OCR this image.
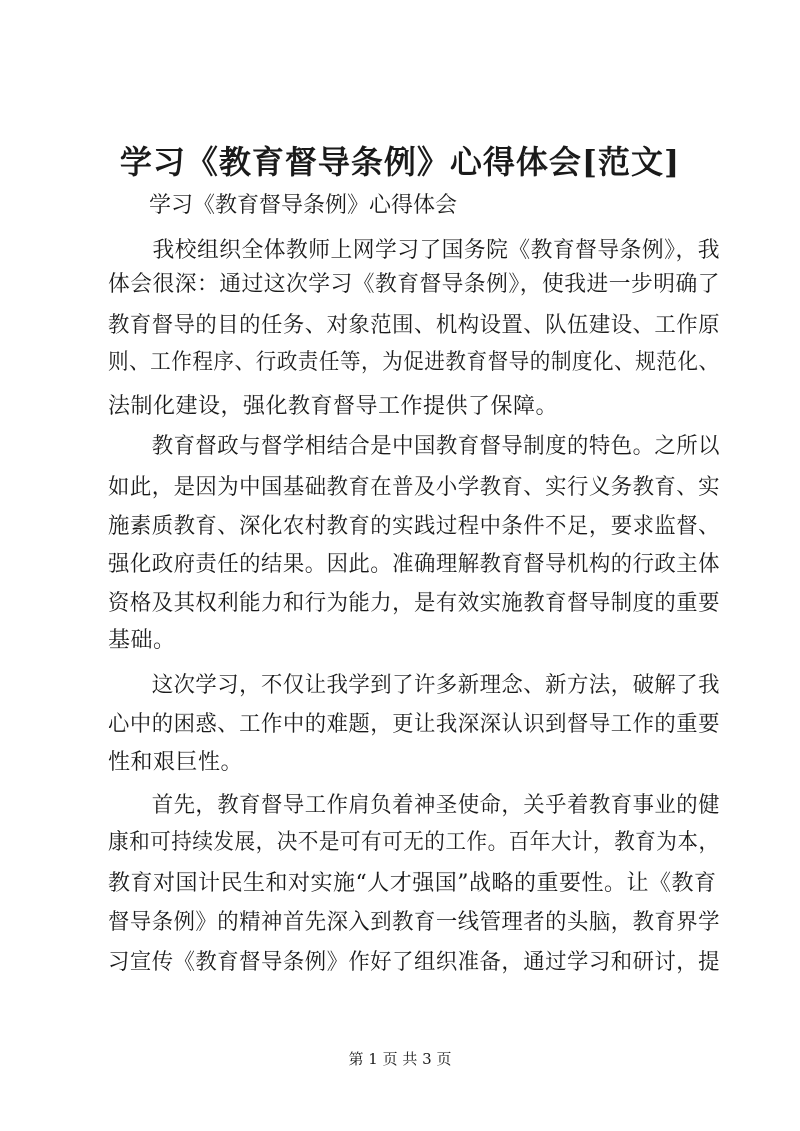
学习《教育督导条例》心得体会[范文]
学习《教育督导条例》心得体会
　　我校组织全体教师上网学习了国务院《教育督导条例》，我
体会很深：通过这次学习《教育督导条例》，使我进一步明确了
教育督导的目的任务、对象范围、机构设置、队伍建设、工作原
则、工作程序、行政责任等，为促进教育督导的制度化、规范化、
法制化建设，强化教育督导工作提供了保障。
　　教育督政与督学相结合是中国教育督导制度的特色。之所以
如此，是因为中国基础教育在普及小学教育、实行义务教育、实
施素质教育、深化农村教育的实践过程中条件不足，要求监督、
强化政府责任的结果。因此。准确理解教育督导机构的行政主体
资格及其权利能力和行为能力，是有效实施教育督导制度的重要
基础。
　　这次学习，不仅让我学到了许多新理念、新方法，破解了我
心中的困惑、工作中的难题，更让我深深认识到督导工作的重要
性和艰巨性。
　　首先，教育督导工作肩负着神圣使命，关乎着教育事业的健
康和可持续发展，决不是可有可无的工作。百年大计，教育为本，
教育对国计民生和对实施“人才强国”战略的重要性。让《教育
督导条例》的精神首先深入到教育一线管理者的头脑，教育界学
习宣传《教育督导条例》作好了组织准备，通过学习和研讨，提
第 1 页 共 3 页
